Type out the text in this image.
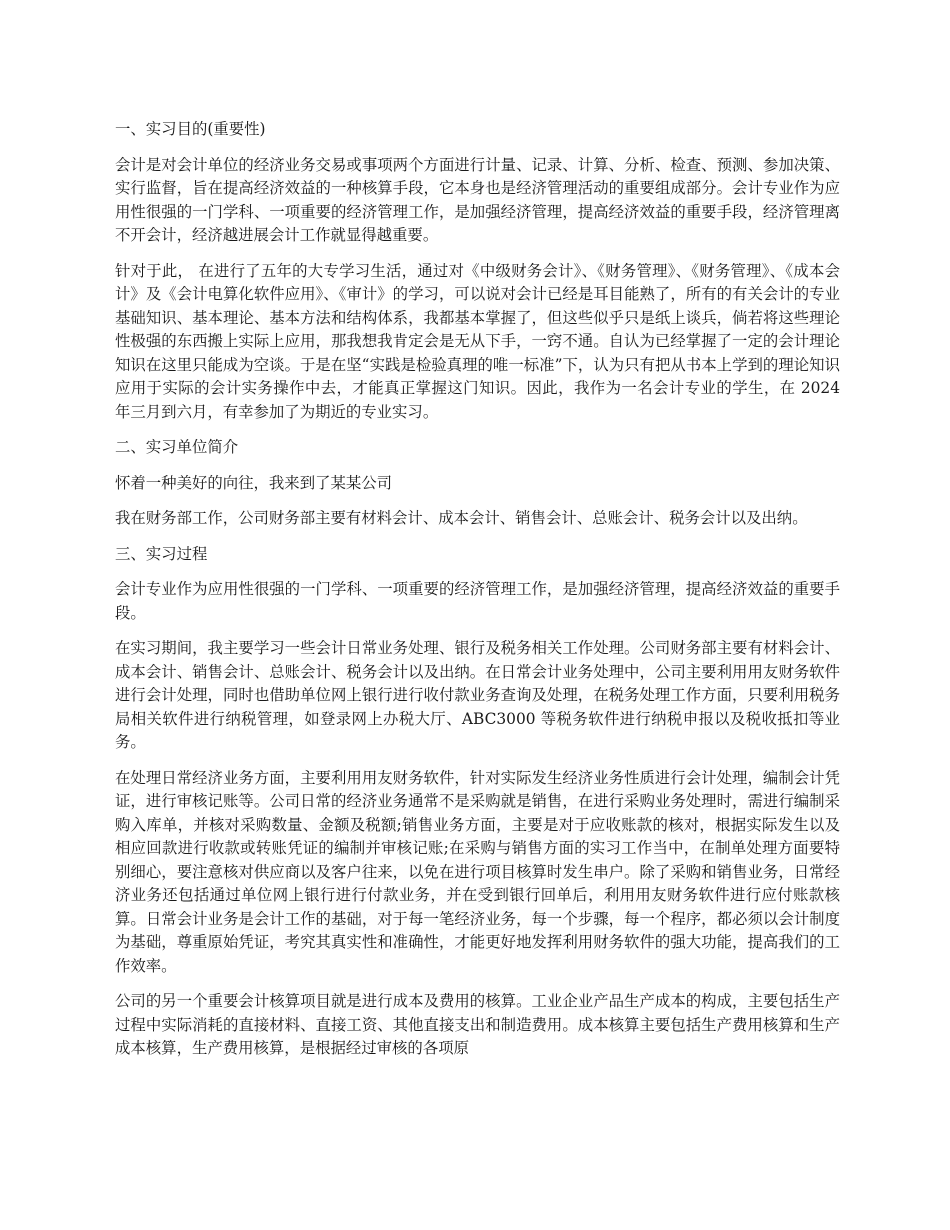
一、实习目的(重要性)

会计是对会计单位的经济业务交易或事项两个方面进行计量、记录、计算、分析、检查、预测、参加决策、实行监督，旨在提高经济效益的一种核算手段，它本身也是经济管理活动的重要组成部分。会计专业作为应用性很强的一门学科、一项重要的经济管理工作，是加强经济管理，提高经济效益的重要手段，经济管理离不开会计，经济越进展会计工作就显得越重要。

针对于此， 在进行了五年的大专学习生活，通过对《中级财务会计》、《财务管理》、《财务管理》、《成本会计》及《会计电算化软件应用》、《审计》的学习，可以说对会计已经是耳目能熟了，所有的有关会计的专业基础知识、基本理论、基本方法和结构体系，我都基本掌握了，但这些似乎只是纸上谈兵，倘若将这些理论性极强的东西搬上实际上应用，那我想我肯定会是无从下手，一窍不通。自认为已经掌握了一定的会计理论知识在这里只能成为空谈。于是在坚“实践是检验真理的唯一标准”下，认为只有把从书本上学到的理论知识应用于实际的会计实务操作中去，才能真正掌握这门知识。因此，我作为一名会计专业的学生，在 2024 年三月到六月，有幸参加了为期近的专业实习。

二、实习单位简介

怀着一种美好的向往，我来到了某某公司

我在财务部工作，公司财务部主要有材料会计、成本会计、销售会计、总账会计、税务会计以及出纳。

三、实习过程

会计专业作为应用性很强的一门学科、一项重要的经济管理工作，是加强经济管理，提高经济效益的重要手段。

在实习期间，我主要学习一些会计日常业务处理、银行及税务相关工作处理。公司财务部主要有材料会计、成本会计、销售会计、总账会计、税务会计以及出纳。在日常会计业务处理中，公司主要利用用友财务软件进行会计处理，同时也借助单位网上银行进行收付款业务查询及处理，在税务处理工作方面，只要利用税务局相关软件进行纳税管理，如登录网上办税大厅、ABC3000 等税务软件进行纳税申报以及税收抵扣等业务。

在处理日常经济业务方面，主要利用用友财务软件，针对实际发生经济业务性质进行会计处理，编制会计凭证，进行审核记账等。公司日常的经济业务通常不是采购就是销售，在进行采购业务处理时，需进行编制采购入库单，并核对采购数量、金额及税额;销售业务方面，主要是对于应收账款的核对，根据实际发生以及相应回款进行收款或转账凭证的编制并审核记账;在采购与销售方面的实习工作当中，在制单处理方面要特别细心，要注意核对供应商以及客户往来，以免在进行项目核算时发生串户。除了采购和销售业务，日常经济业务还包括通过单位网上银行进行付款业务，并在受到银行回单后，利用用友财务软件进行应付账款核算。日常会计业务是会计工作的基础，对于每一笔经济业务，每一个步骤，每一个程序，都必须以会计制度为基础，尊重原始凭证，考究其真实性和准确性，才能更好地发挥利用财务软件的强大功能，提高我们的工作效率。

公司的另一个重要会计核算项目就是进行成本及费用的核算。工业企业产品生产成本的构成，主要包括生产过程中实际消耗的直接材料、直接工资、其他直接支出和制造费用。成本核算主要包括生产费用核算和生产成本核算，生产费用核算，是根据经过审核的各项原
